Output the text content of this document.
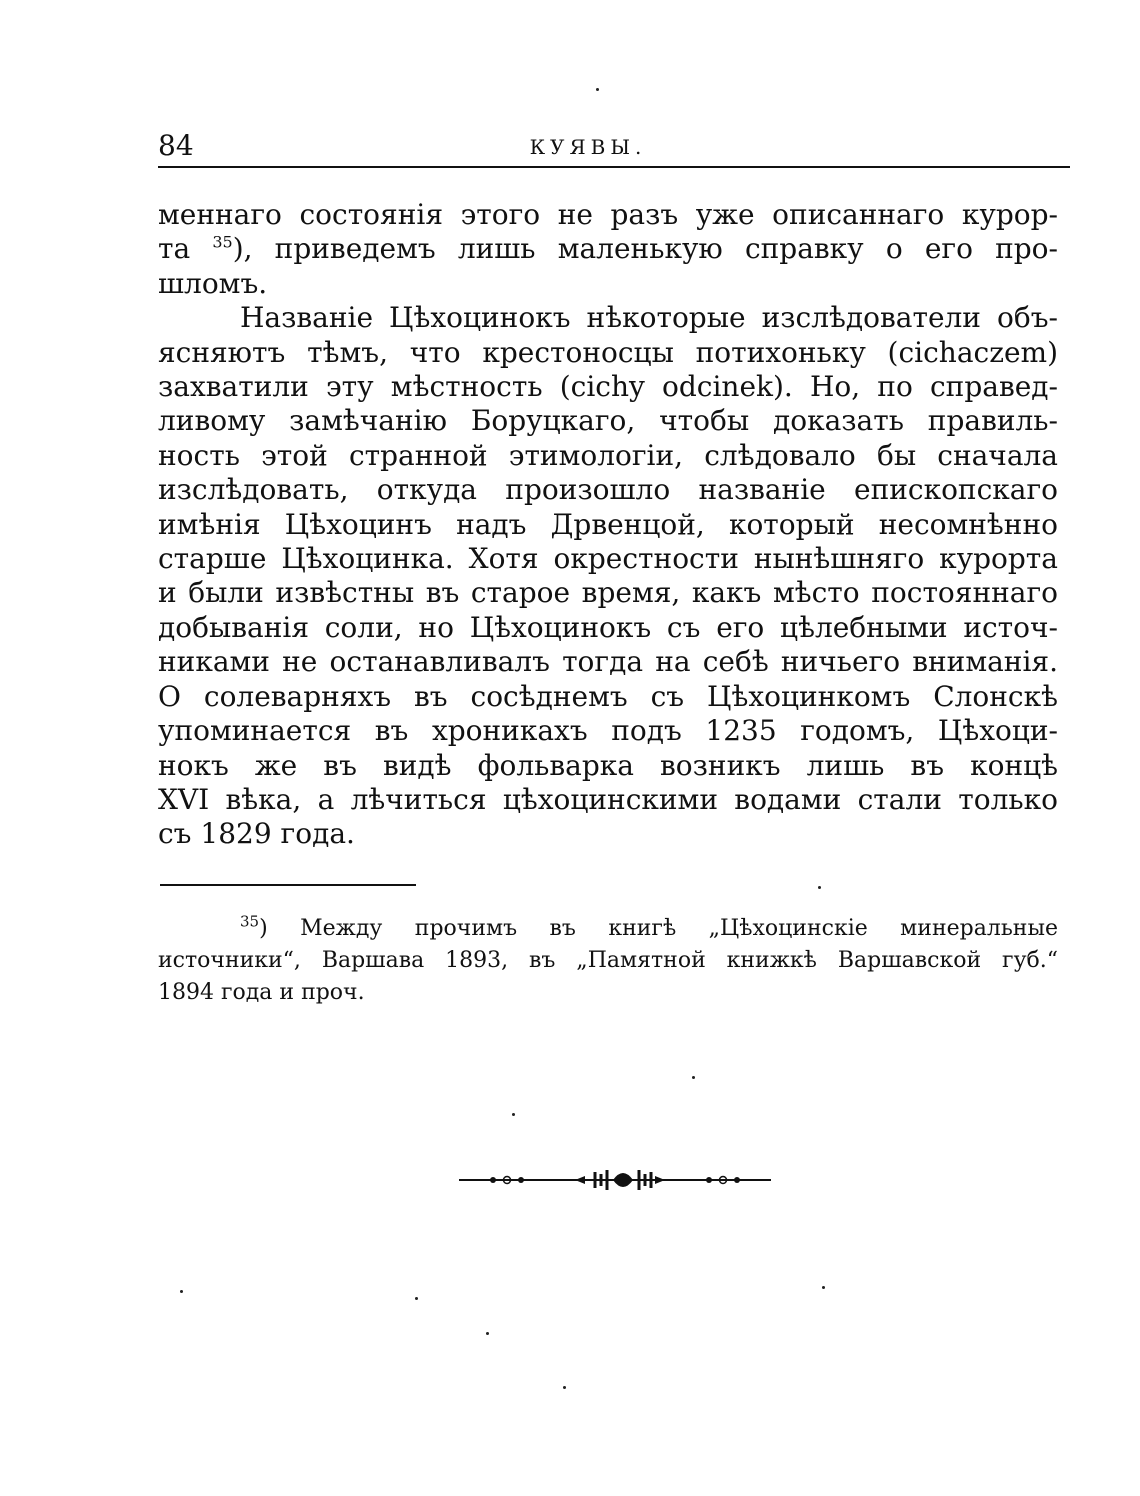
84	КУЯВЫ.

меннаго состоянія этого не разъ уже описаннаго курор-
та $^{35}$), приведемъ лишь маленькую справку о его про-
шломъ.

Названіе Цѣхоцинокъ нѣкоторые изслѣдователи объ-
ясняютъ тѣмъ, что крестоносцы потихоньку (cichaczem)
захватили эту мѣстность (cichy odcinek). Но, по справед-
ливому замѣчанію Боруцкаго, чтобы доказать правиль-
ность этой странной этимологіи, слѣдовало бы сначала
изслѣдовать, откуда произошло названіе епископскаго
имѣнія Цѣхоцинъ надъ Дрвенцой, который несомнѣнно
старше Цѣхоцинка. Хотя окрестности нынѣшняго курорта
и были извѣстны въ старое время, какъ мѣсто постояннаго
добыванія соли, но Цѣхоцинокъ съ его цѣлебными источ-
никами не останавливалъ тогда на себѣ ничьего вниманія.
О солеварняхъ въ сосѣднемъ съ Цѣхоцинкомъ Слонскѣ
упоминается въ хроникахъ подъ 1235 годомъ, Цѣхоци-
нокъ же въ видѣ фольварка возникъ лишь въ концѣ
XVI вѣка, а лѣчиться цѣхоцинскими водами стали только
съ 1829 года.

$^{35}$) Между прочимъ въ книгѣ „Цѣхоцинскіе минеральные
источники“, Варшава 1893, въ „Памятной книжкѣ Варшавской губ.“
1894 года и проч.
